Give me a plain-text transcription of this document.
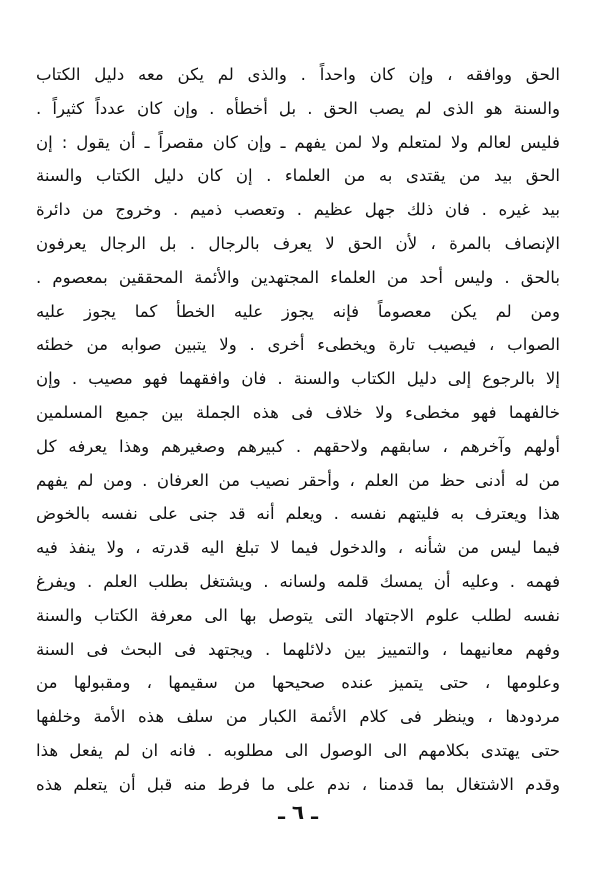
الحق ووافقه ، وإن كان واحداً . والذى لم يكن معه دليل الكتاب
والسنة هو الذى لم يصب الحق . بل أخطأه . وإن كان عدداً كثيراً .
فليس لعالم ولا لمتعلم ولا لمن يفهم ـ وإن كان مقصراً ـ أن يقول : إن
الحق بيد من يقتدى به من العلماء . إن كان دليل الكتاب والسنة
بيد غيره . فان ذلك جهل عظيم . وتعصب ذميم . وخروج من دائرة
الإنصاف بالمرة ، لأن الحق لا يعرف بالرجال . بل الرجال يعرفون
بالحق . وليس أحد من العلماء المجتهدين والأئمة المحققين بمعصوم .
ومن لم يكن معصوماً فإنه يجوز عليه الخطأ كما يجوز عليه
الصواب ، فيصيب تارة ويخطىء أخرى . ولا يتبين صوابه من خطئه
إلا بالرجوع إلى دليل الكتاب والسنة . فان وافقهما فهو مصيب . وإن
خالفهما فهو مخطىء ولا خلاف فى هذه الجملة بين جميع المسلمين
أولهم وآخرهم ، سابقهم ولاحقهم . كبيرهم وصغيرهم وهذا يعرفه كل
من له أدنى حظ من العلم ، وأحقر نصيب من العرفان . ومن لم يفهم
هذا ويعترف به فليتهم نفسه . ويعلم أنه قد جنى على نفسه بالخوض
فيما ليس من شأنه ، والدخول فيما لا تبلغ اليه قدرته ، ولا ينفذ فيه
فهمه . وعليه أن يمسك قلمه ولسانه . ويشتغل بطلب العلم . ويفرغ
نفسه لطلب علوم الاجتهاد التى يتوصل بها الى معرفة الكتاب والسنة
وفهم معانيهما ، والتمييز بين دلائلهما . ويجتهد فى البحث فى السنة
وعلومها ، حتى يتميز عنده صحيحها من سقيمها ، ومقبولها من
مردودها ، وينظر فى كلام الأئمة الكبار من سلف هذه الأمة وخلفها
حتى يهتدى بكلامهم الى الوصول الى مطلوبه . فانه ان لم يفعل هذا
وقدم الاشتغال بما قدمنا ، ندم على ما فرط منه قبل أن يتعلم هذه
ـ ٦ ـ
